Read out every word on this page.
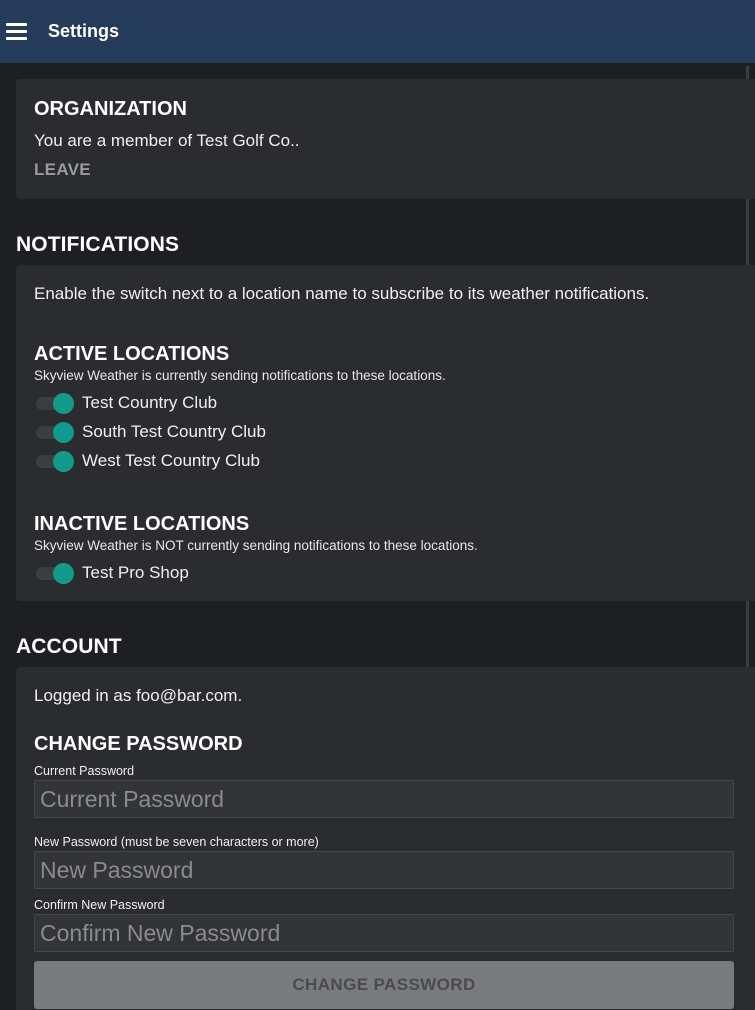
Settings
ORGANIZATION
You are a member of Test Golf Co..
LEAVE
NOTIFICATIONS
Enable the switch next to a location name to subscribe to its weather notifications.
ACTIVE LOCATIONS
Skyview Weather is currently sending notifications to these locations.
Test Country Club
South Test Country Club
West Test Country Club
INACTIVE LOCATIONS
Skyview Weather is NOT currently sending notifications to these locations.
Test Pro Shop
ACCOUNT
Logged in as foo@bar.com.
CHANGE PASSWORD
Current Password
New Password (must be seven characters or more)
Confirm New Password
CHANGE PASSWORD
